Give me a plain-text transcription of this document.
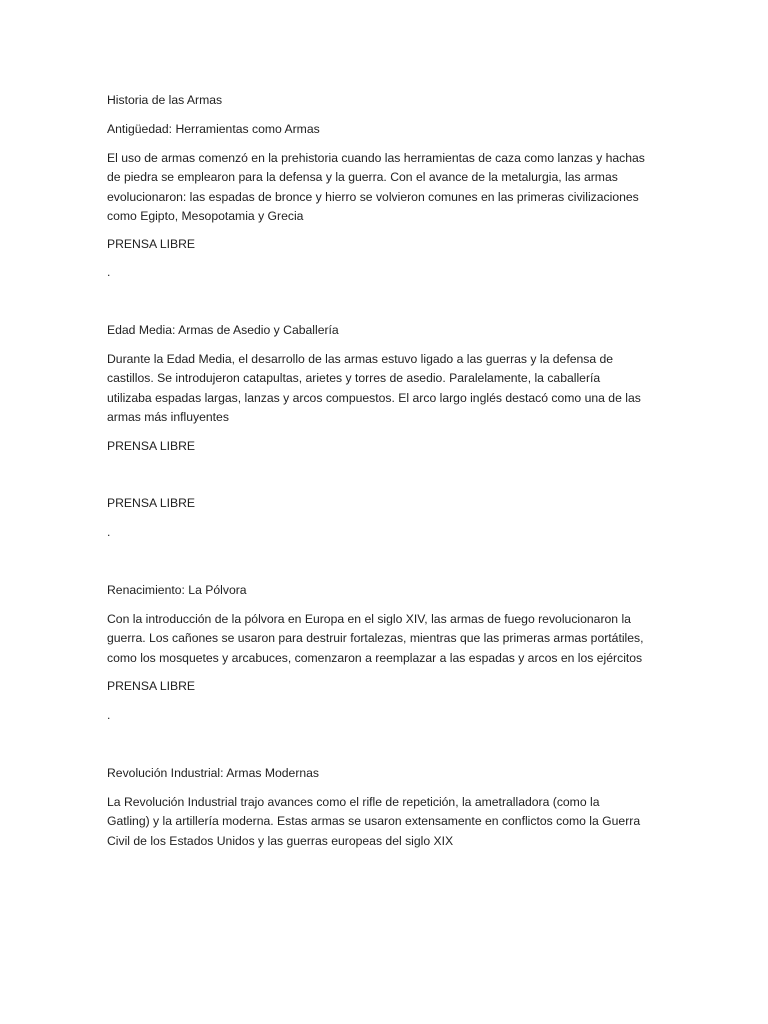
Historia de las Armas

Antigüedad: Herramientas como Armas

El uso de armas comenzó en la prehistoria cuando las herramientas de caza como lanzas y hachas
de piedra se emplearon para la defensa y la guerra. Con el avance de la metalurgia, las armas
evolucionaron: las espadas de bronce y hierro se volvieron comunes en las primeras civilizaciones
como Egipto, Mesopotamia y Grecia

PRENSA LIBRE

.

Edad Media: Armas de Asedio y Caballería

Durante la Edad Media, el desarrollo de las armas estuvo ligado a las guerras y la defensa de
castillos. Se introdujeron catapultas, arietes y torres de asedio. Paralelamente, la caballería
utilizaba espadas largas, lanzas y arcos compuestos. El arco largo inglés destacó como una de las
armas más influyentes

PRENSA LIBRE

PRENSA LIBRE

.

Renacimiento: La Pólvora

Con la introducción de la pólvora en Europa en el siglo XIV, las armas de fuego revolucionaron la
guerra. Los cañones se usaron para destruir fortalezas, mientras que las primeras armas portátiles,
como los mosquetes y arcabuces, comenzaron a reemplazar a las espadas y arcos en los ejércitos

PRENSA LIBRE

.

Revolución Industrial: Armas Modernas

La Revolución Industrial trajo avances como el rifle de repetición, la ametralladora (como la
Gatling) y la artillería moderna. Estas armas se usaron extensamente en conflictos como la Guerra
Civil de los Estados Unidos y las guerras europeas del siglo XIX
